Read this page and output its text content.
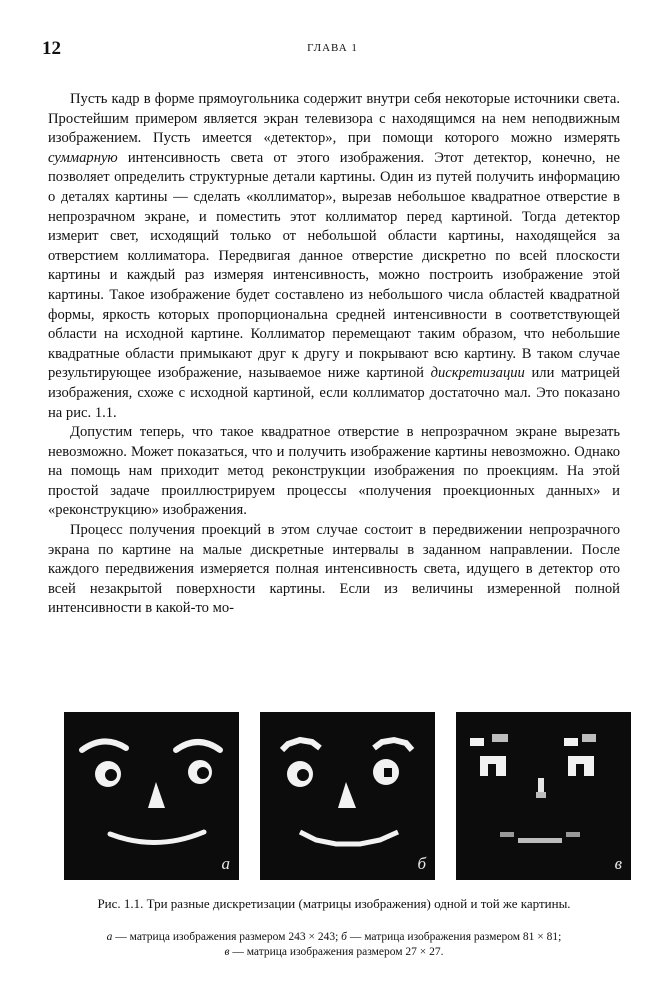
12	ГЛАВА 1

Пусть кадр в форме прямоугольника содержит внутри себя некоторые источники света. Простейшим примером является экран телевизора с находящимся на нем неподвижным изображением. Пусть имеется «детектор», при помощи которого можно измерять суммарную интенсивность света от этого изображения. Этот детектор, конечно, не позволяет определить структурные детали картины. Один из путей получить информацию о деталях картины — сделать «коллиматор», вырезав небольшое квадратное отверстие в непрозрачном экране, и поместить этот коллиматор перед картиной. Тогда детектор измерит свет, исходящий только от небольшой области картины, находящейся за отверстием коллиматора. Передвигая данное отверстие дискретно по всей плоскости картины и каждый раз измеряя интенсивность, можно построить изображение этой картины. Такое изображение будет составлено из небольшого числа областей квадратной формы, яркость которых пропорциональна средней интенсивности в соответствующей области на исходной картине. Коллиматор перемещают таким образом, что небольшие квадратные области примыкают друг к другу и покрывают всю картину. В таком случае результирующее изображение, называемое ниже картиной дискретизации или матрицей изображения, схоже с исходной картиной, если коллиматор достаточно мал. Это показано на рис. 1.1.

Допустим теперь, что такое квадратное отверстие в непрозрачном экране вырезать невозможно. Может показаться, что и получить изображение картины невозможно. Однако на помощь нам приходит метод реконструкции изображения по проекциям. На этой простой задаче проиллюстрируем процессы «получения проекционных данных» и «реконструкцию» изображения.

Процесс получения проекций в этом случае состоит в передвижении непрозрачного экрана по картине на малые дискретные интервалы в заданном направлении. После каждого передвижения измеряется полная интенсивность света, идущего в детектор ото всей незакрытой поверхности картины. Если из величины измеренной полной интенсивности в какой-то мо-

a	б	в
Рис. 1.1. Три разные дискретизации (матрицы изображения) одной и той же картины.
а — матрица изображения размером 243 × 243; б — матрица изображения размером 81 × 81;
в — матрица изображения размером 27 × 27.
